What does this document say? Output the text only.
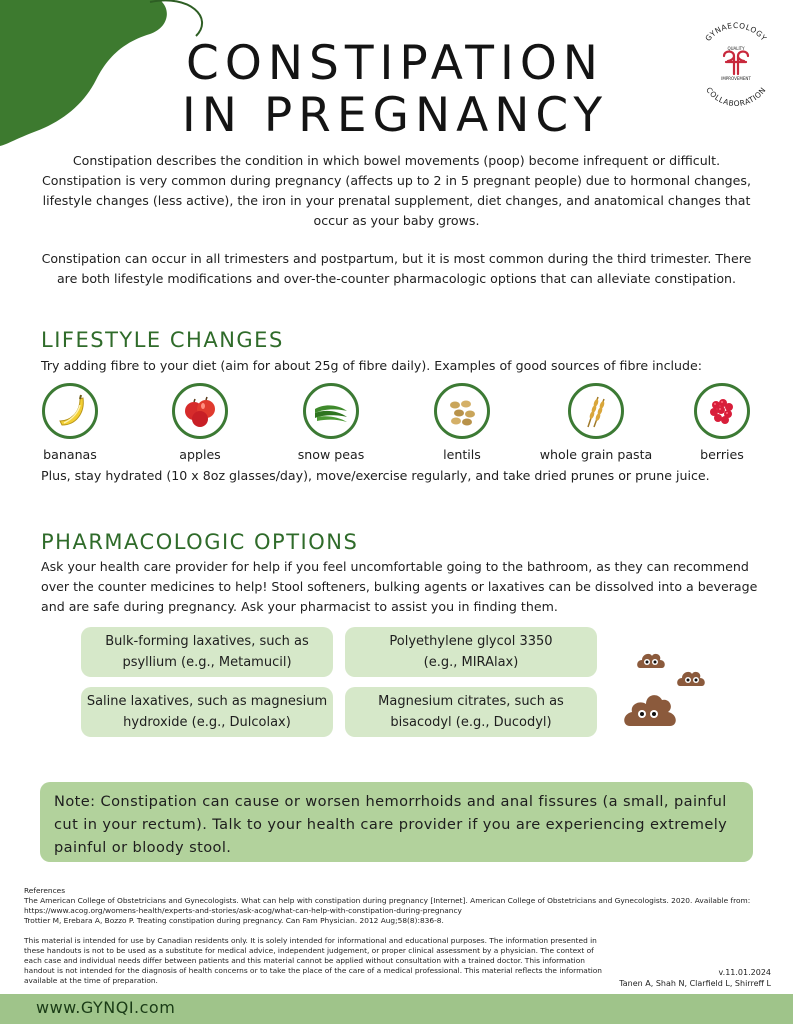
GYNAECOLOGY
COLLABORATION
QUALITY
IMPROVEMENT
CONSTIPATION
IN PREGNANCY
Constipation describes the condition in which bowel movements (poop) become infrequent or difficult. Constipation is very common during pregnancy (affects up to 2 in 5 pregnant people) due to hormonal changes, lifestyle changes (less active), the iron in your prenatal supplement, diet changes, and anatomical changes that occur as your baby grows.
Constipation can occur in all trimesters and postpartum, but it is most common during the third trimester. There are both lifestyle modifications and over-the-counter pharmacologic options that can alleviate constipation.
LIFESTYLE CHANGES
Try adding fibre to your diet (aim for about 25g of fibre daily). Examples of good sources of fibre include:
bananas	apples	snow peas	lentils	whole grain pasta	berries
Plus, stay hydrated (10 x 8oz glasses/day), move/exercise regularly, and take dried prunes or prune juice.
PHARMACOLOGIC OPTIONS
Ask your health care provider for help if you feel uncomfortable going to the bathroom, as they can recommend over the counter medicines to help! Stool softeners, bulking agents or laxatives can be dissolved into a beverage and are safe during pregnancy. Ask your pharmacist to assist you in finding them.
Bulk-forming laxatives, such as
psyllium (e.g., Metamucil)
Polyethylene glycol 3350
(e.g., MIRAlax)
Saline laxatives, such as magnesium
hydroxide (e.g., Dulcolax)
Magnesium citrates, such as
bisacodyl (e.g., Ducodyl)
Note: Constipation can cause or worsen hemorrhoids and anal fissures (a small, painful cut in your rectum). Talk to your health care provider if you are experiencing extremely painful or bloody stool.
References
The American College of Obstetricians and Gynecologists. What can help with constipation during pregnancy [Internet]. American College of Obstetricians and Gynecologists. 2020. Available from:
https://www.acog.org/womens-health/experts-and-stories/ask-acog/what-can-help-with-constipation-during-pregnancy
Trottier M, Erebara A, Bozzo P. Treating constipation during pregnancy. Can Fam Physician. 2012 Aug;58(8):836-8.
This material is intended for use by Canadian residents only. It is solely intended for informational and educational purposes. The information presented in
these handouts is not to be used as a substitute for medical advice, independent judgement, or proper clinical assessment by a physician. The context of
each case and individual needs differ between patients and this material cannot be applied without consultation with a trained doctor. This information
handout is not intended for the diagnosis of health concerns or to take the place of the care of a medical professional. This material reflects the information
available at the time of preparation.
v.11.01.2024
Tanen A, Shah N, Clarfield L, Shirreff L
www.GYNQI.com
